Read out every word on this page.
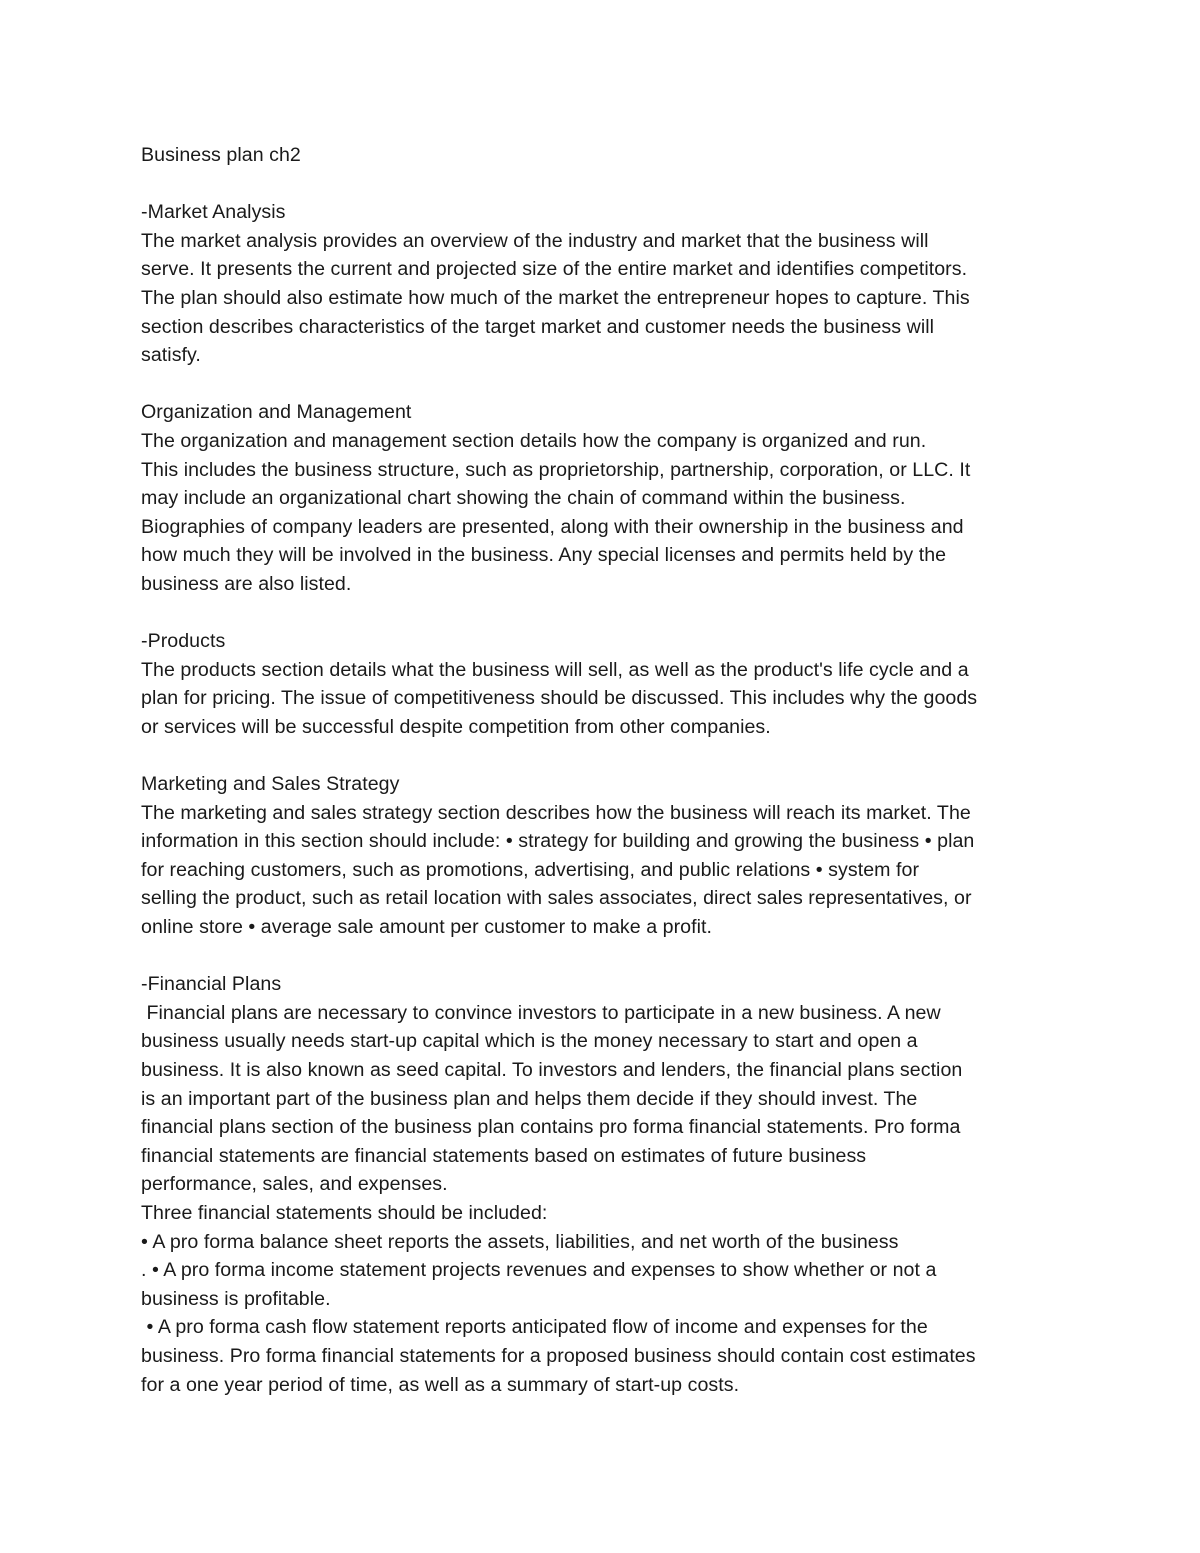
Business plan ch2
-Market Analysis
The market analysis provides an overview of the industry and market that the business will
serve. It presents the current and projected size of the entire market and identifies competitors.
The plan should also estimate how much of the market the entrepreneur hopes to capture. This
section describes characteristics of the target market and customer needs the business will
satisfy.
Organization and Management
The organization and management section details how the company is organized and run.
This includes the business structure, such as proprietorship, partnership, corporation, or LLC. It
may include an organizational chart showing the chain of command within the business.
Biographies of company leaders are presented, along with their ownership in the business and
how much they will be involved in the business. Any special licenses and permits held by the
business are also listed.
-Products
The products section details what the business will sell, as well as the product's life cycle and a
plan for pricing. The issue of competitiveness should be discussed. This includes why the goods
or services will be successful despite competition from other companies.
Marketing and Sales Strategy
The marketing and sales strategy section describes how the business will reach its market. The
information in this section should include: • strategy for building and growing the business • plan
for reaching customers, such as promotions, advertising, and public relations • system for
selling the product, such as retail location with sales associates, direct sales representatives, or
online store • average sale amount per customer to make a profit.
-Financial Plans
Financial plans are necessary to convince investors to participate in a new business. A new
business usually needs start-up capital which is the money necessary to start and open a
business. It is also known as seed capital. To investors and lenders, the financial plans section
is an important part of the business plan and helps them decide if they should invest. The
financial plans section of the business plan contains pro forma financial statements. Pro forma
financial statements are financial statements based on estimates of future business
performance, sales, and expenses.
Three financial statements should be included:
• A pro forma balance sheet reports the assets, liabilities, and net worth of the business
. • A pro forma income statement projects revenues and expenses to show whether or not a
business is profitable.
• A pro forma cash flow statement reports anticipated flow of income and expenses for the
business. Pro forma financial statements for a proposed business should contain cost estimates
for a one year period of time, as well as a summary of start-up costs.
